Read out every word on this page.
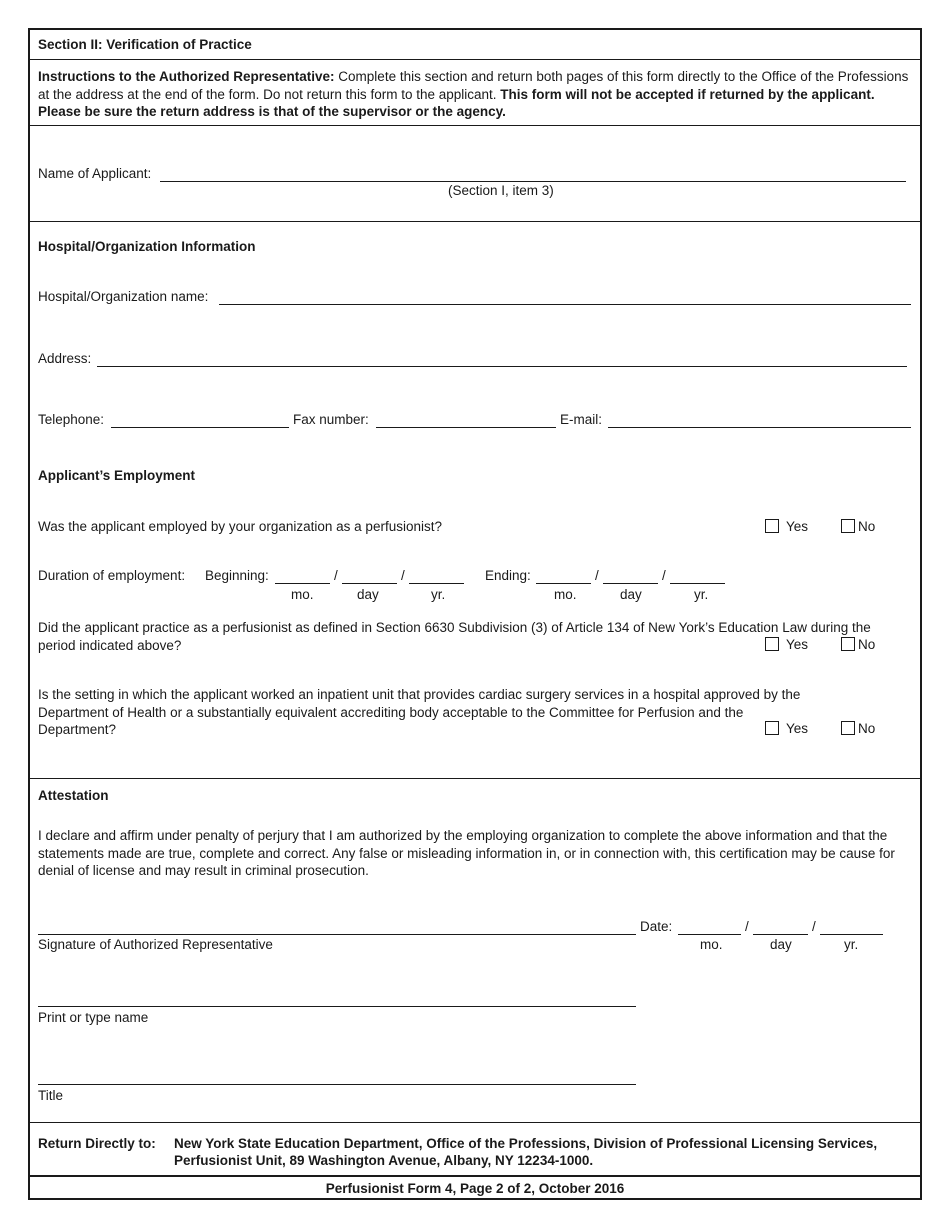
Section II: Verification of Practice
Instructions to the Authorized Representative: Complete this section and return both pages of this form directly to the Office of the Professions at the address at the end of the form. Do not return this form to the applicant. This form will not be accepted if returned by the applicant. Please be sure the return address is that of the supervisor or the agency.
Name of Applicant:
(Section I, item 3)
Hospital/Organization Information
Hospital/Organization name:
Address:
Telephone:	Fax number:	E-mail:
Applicant’s Employment
Was the applicant employed by your organization as a perfusionist?	Yes	No
Duration of employment: Beginning:	/	/
mo.	day	yr.
Ending:	/	/
mo.	day	yr.
Did the applicant practice as a perfusionist as defined in Section 6630 Subdivision (3) of Article 134 of New York’s Education Law during the period indicated above?	Yes	No
Is the setting in which the applicant worked an inpatient unit that provides cardiac surgery services in a hospital approved by the Department of Health or a substantially equivalent accrediting body acceptable to the Committee for Perfusion and the Department?	Yes	No
Attestation
I declare and affirm under penalty of perjury that I am authorized by the employing organization to complete the above information and that the statements made are true, complete and correct. Any false or misleading information in, or in connection with, this certification may be cause for denial of license and may result in criminal prosecution.
Signature of Authorized Representative
Date:	/	/
mo.	day	yr.
Print or type name
Title
Return Directly to: New York State Education Department, Office of the Professions, Division of Professional Licensing Services,
Perfusionist Unit, 89 Washington Avenue, Albany, NY 12234-1000.
Perfusionist Form 4, Page 2 of 2, October 2016
